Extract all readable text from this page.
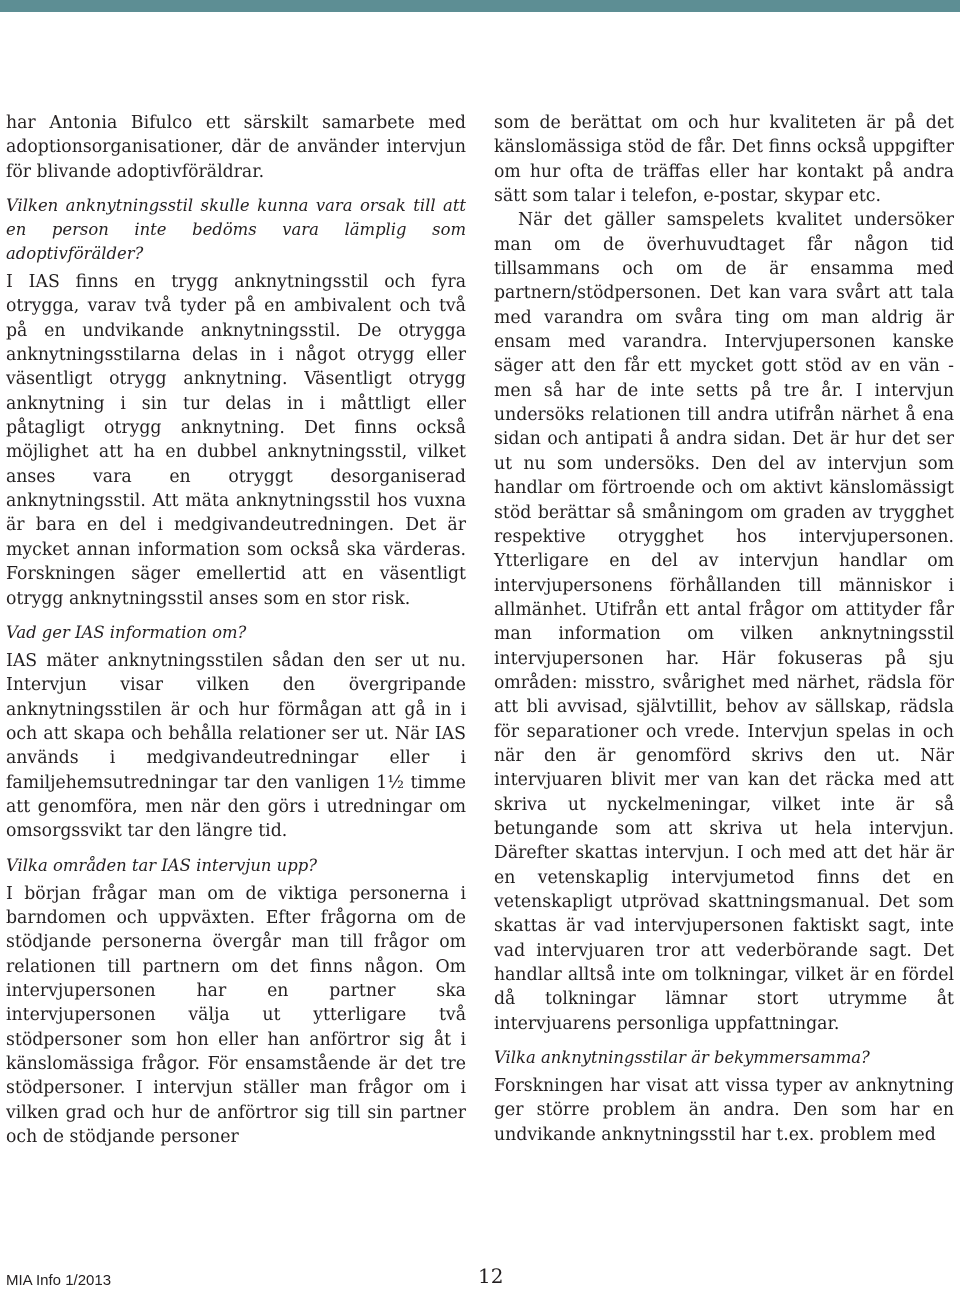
har Antonia Bifulco ett särskilt samarbete med adoptionsorganisationer, där de använder intervjun för blivande adoptivföräldrar.

Vilken anknytningsstil skulle kunna vara orsak till att en person inte bedöms vara lämplig som adoptivförälder?

I IAS finns en trygg anknytningsstil och fyra otrygga, varav två tyder på en ambivalent och två på en undvikande anknytningsstil. De otrygga anknytningsstilarna delas in i något otrygg eller väsentligt otrygg anknytning. Väsentligt otrygg anknytning i sin tur delas in i måttligt eller påtagligt otrygg anknytning. Det finns också möjlighet att ha en dubbel anknytningsstil, vilket anses vara en otryggt desorganiserad anknytningsstil. Att mäta anknytningsstil hos vuxna är bara en del i medgivandeutredningen. Det är mycket annan information som också ska värderas. Forskningen säger emellertid att en väsentligt otrygg anknytningsstil anses som en stor risk.

Vad ger IAS information om?

IAS mäter anknytningsstilen sådan den ser ut nu. Intervjun visar vilken den övergripande anknytningsstilen är och hur förmågan att gå in i och att skapa och behålla relationer ser ut. När IAS används i medgivandeutredningar eller i familjehemsutredningar tar den vanligen 1½ timme att genomföra, men när den görs i utredningar om omsorgssvikt tar den längre tid.

Vilka områden tar IAS intervjun upp?

I början frågar man om de viktiga personerna i barndomen och uppväxten. Efter frågorna om de stödjande personerna övergår man till frågor om relationen till partnern om det finns någon. Om intervjupersonen har en partner ska intervjupersonen välja ut ytterligare två stödpersoner som hon eller han anförtror sig åt i känslomässiga frågor. För ensamstående är det tre stödpersoner. I intervjun ställer man frågor om i vilken grad och hur de anförtror sig till sin partner och de stödjande personer

som de berättat om och hur kvaliteten är på det känslomässiga stöd de får. Det finns också uppgifter om hur ofta de träffas eller har kontakt på andra sätt som talar i telefon, e-postar, skypar etc.

När det gäller samspelets kvalitet undersöker man om de överhuvudtaget får någon tid tillsammans och om de är ensamma med partnern/stödpersonen. Det kan vara svårt att tala med varandra om svåra ting om man aldrig är ensam med varandra. Intervjupersonen kanske säger att den får ett mycket gott stöd av en vän - men så har de inte setts på tre år. I intervjun undersöks relationen till andra utifrån närhet å ena sidan och antipati å andra sidan. Det är hur det ser ut nu som undersöks. Den del av intervjun som handlar om förtroende och om aktivt känslomässigt stöd berättar så småningom om graden av trygghet respektive otrygghet hos intervjupersonen. Ytterligare en del av intervjun handlar om intervjupersonens förhållanden till människor i allmänhet. Utifrån ett antal frågor om attityder får man information om vilken anknytningsstil intervjupersonen har. Här fokuseras på sju områden: misstro, svårighet med närhet, rädsla för att bli avvisad, självtillit, behov av sällskap, rädsla för separationer och vrede. Intervjun spelas in och när den är genomförd skrivs den ut. När intervjuaren blivit mer van kan det räcka med att skriva ut nyckelmeningar, vilket inte är så betungande som att skriva ut hela intervjun. Därefter skattas intervjun. I och med att det här är en vetenskaplig intervjumetod finns det en vetenskapligt utprövad skattningsmanual. Det som skattas är vad intervjupersonen faktiskt sagt, inte vad intervjuaren tror att vederbörande sagt. Det handlar alltså inte om tolkningar, vilket är en fördel då tolkningar lämnar stort utrymme åt intervjuarens personliga uppfattningar.

Vilka anknytningsstilar är bekymmersamma?

Forskningen har visat att vissa typer av anknytning ger större problem än andra. Den som har en undvikande anknytningsstil har t.ex. problem med

MIA Info 1/2013	12
